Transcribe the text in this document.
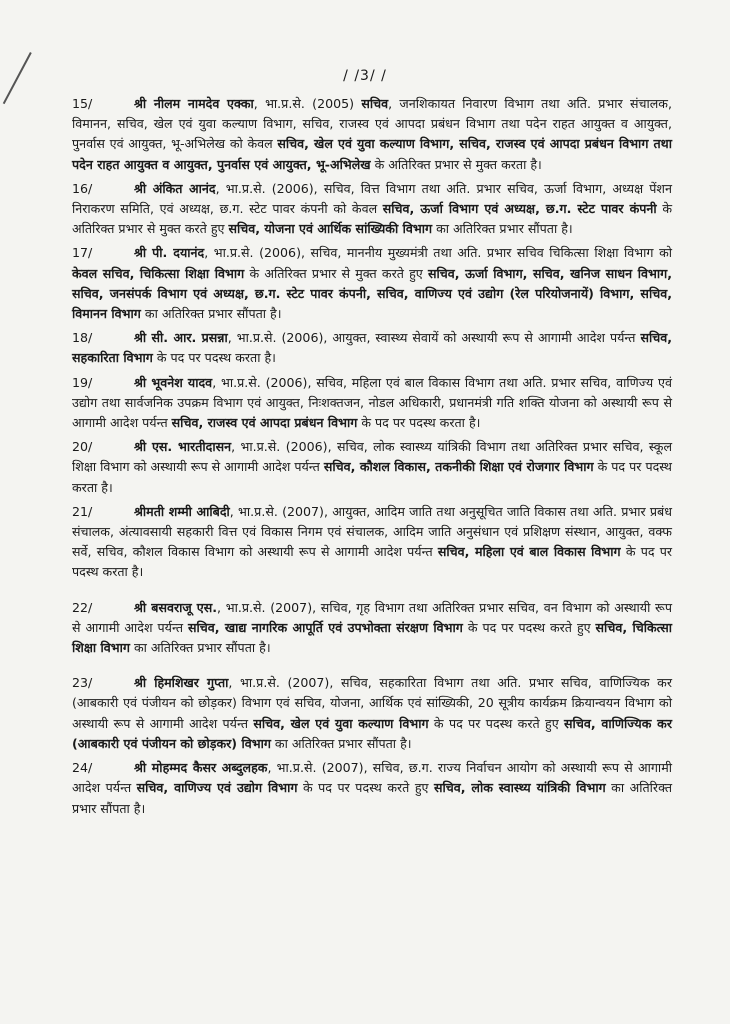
/ /3/ /

15/	श्री नीलम नामदेव एक्का, भा.प्र.से. (2005) सचिव, जनशिकायत निवारण विभाग तथा अति. प्रभार संचालक, विमानन, सचिव, खेल एवं युवा कल्याण विभाग, सचिव, राजस्व एवं आपदा प्रबंधन विभाग तथा पदेन राहत आयुक्त व आयुक्त, पुनर्वास एवं आयुक्त, भू-अभिलेख को केवल सचिव, खेल एवं युवा कल्याण विभाग, सचिव, राजस्व एवं आपदा प्रबंधन विभाग तथा पदेन राहत आयुक्त व आयुक्त, पुनर्वास एवं आयुक्त, भू-अभिलेख के अतिरिक्त प्रभार से मुक्त करता है।

16/	श्री अंकित आनंद, भा.प्र.से. (2006), सचिव, वित्त विभाग तथा अति. प्रभार सचिव, ऊर्जा विभाग, अध्यक्ष पेंशन निराकरण समिति, एवं अध्यक्ष, छ.ग. स्टेट पावर कंपनी को केवल सचिव, ऊर्जा विभाग एवं अध्यक्ष, छ.ग. स्टेट पावर कंपनी के अतिरिक्त प्रभार से मुक्त करते हुए सचिव, योजना एवं आर्थिक सांख्यिकी विभाग का अतिरिक्त प्रभार सौंपता है।

17/	श्री पी. दयानंद, भा.प्र.से. (2006), सचिव, माननीय मुख्यमंत्री तथा अति. प्रभार सचिव चिकित्सा शिक्षा विभाग को केवल सचिव, चिकित्सा शिक्षा विभाग के अतिरिक्त प्रभार से मुक्त करते हुए सचिव, ऊर्जा विभाग, सचिव, खनिज साधन विभाग, सचिव, जनसंपर्क विभाग एवं अध्यक्ष, छ.ग. स्टेट पावर कंपनी, सचिव, वाणिज्य एवं उद्योग (रेल परियोजनायें) विभाग, सचिव, विमानन विभाग का अतिरिक्त प्रभार सौंपता है।

18/	श्री सी. आर. प्रसन्ना, भा.प्र.से. (2006), आयुक्त, स्वास्थ्य सेवायें को अस्थायी रूप से आगामी आदेश पर्यन्त सचिव, सहकारिता विभाग के पद पर पदस्थ करता है।

19/	श्री भूवनेश यादव, भा.प्र.से. (2006), सचिव, महिला एवं बाल विकास विभाग तथा अति. प्रभार सचिव, वाणिज्य एवं उद्योग तथा सार्वजनिक उपक्रम विभाग एवं आयुक्त, निःशक्तजन, नोडल अधिकारी, प्रधानमंत्री गति शक्ति योजना को अस्थायी रूप से आगामी आदेश पर्यन्त सचिव, राजस्व एवं आपदा प्रबंधन विभाग के पद पर पदस्थ करता है।

20/	श्री एस. भारतीदासन, भा.प्र.से. (2006), सचिव, लोक स्वास्थ्य यांत्रिकी विभाग तथा अतिरिक्त प्रभार सचिव, स्कूल शिक्षा विभाग को अस्थायी रूप से आगामी आदेश पर्यन्त सचिव, कौशल विकास, तकनीकी शिक्षा एवं रोजगार विभाग के पद पर पदस्थ करता है।

21/	श्रीमती शम्मी आबिदी, भा.प्र.से. (2007), आयुक्त, आदिम जाति तथा अनुसूचित जाति विकास तथा अति. प्रभार प्रबंध संचालक, अंत्यावसायी सहकारी वित्त एवं विकास निगम एवं संचालक, आदिम जाति अनुसंधान एवं प्रशिक्षण संस्थान, आयुक्त, वक्फ सर्वे, सचिव, कौशल विकास विभाग को अस्थायी रूप से आगामी आदेश पर्यन्त सचिव, महिला एवं बाल विकास विभाग के पद पर पदस्थ करता है।

22/	श्री बसवराजू एस., भा.प्र.से. (2007), सचिव, गृह विभाग तथा अतिरिक्त प्रभार सचिव, वन विभाग को अस्थायी रूप से आगामी आदेश पर्यन्त सचिव, खाद्य नागरिक आपूर्ति एवं उपभोक्ता संरक्षण विभाग के पद पर पदस्थ करते हुए सचिव, चिकित्सा शिक्षा विभाग का अतिरिक्त प्रभार सौंपता है।

23/	श्री हिमशिखर गुप्ता, भा.प्र.से. (2007), सचिव, सहकारिता विभाग तथा अति. प्रभार सचिव, वाणिज्यिक कर (आबकारी एवं पंजीयन को छोड़कर) विभाग एवं सचिव, योजना, आर्थिक एवं सांख्यिकी, 20 सूत्रीय कार्यक्रम क्रियान्वयन विभाग को अस्थायी रूप से आगामी आदेश पर्यन्त सचिव, खेल एवं युवा कल्याण विभाग के पद पर पदस्थ करते हुए सचिव, वाणिज्यिक कर (आबकारी एवं पंजीयन को छोड़कर) विभाग का अतिरिक्त प्रभार सौंपता है।

24/	श्री मोहम्मद कैसर अब्दुलहक, भा.प्र.से. (2007), सचिव, छ.ग. राज्य निर्वाचन आयोग को अस्थायी रूप से आगामी आदेश पर्यन्त सचिव, वाणिज्य एवं उद्योग विभाग के पद पर पदस्थ करते हुए सचिव, लोक स्वास्थ्य यांत्रिकी विभाग का अतिरिक्त प्रभार सौंपता है।
